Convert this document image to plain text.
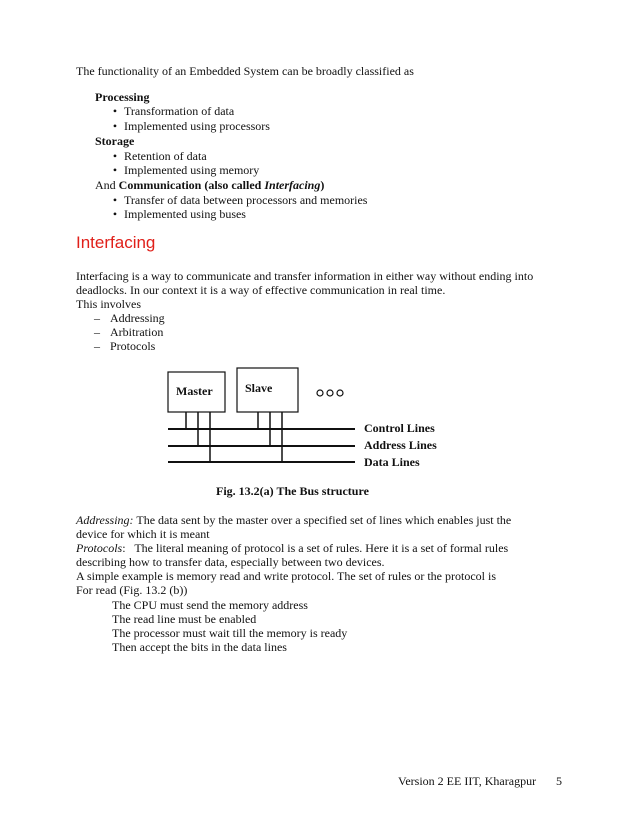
The functionality of an Embedded System can be broadly classified as
Processing
• Transformation of data
• Implemented using processors
Storage
• Retention of data
• Implemented using memory
And Communication (also called Interfacing)
• Transfer of data between processors and memories
• Implemented using buses
Interfacing
Interfacing is a way to communicate and transfer information in either way without ending into
deadlocks. In our context it is a way of effective communication in real time.
This involves
– Addressing
– Arbitration
– Protocols
Master	Slave
Control Lines
Address Lines
Data Lines
Fig. 13.2(a) The Bus structure
Addressing: The data sent by the master over a specified set of lines which enables just the
device for which it is meant
Protocols:   The literal meaning of protocol is a set of rules. Here it is a set of formal rules
describing how to transfer data, especially between two devices.
A simple example is memory read and write protocol. The set of rules or the protocol is
For read (Fig. 13.2 (b))
The CPU must send the memory address
The read line must be enabled
The processor must wait till the memory is ready
Then accept the bits in the data lines
Version 2 EE IIT, Kharagpur 5
